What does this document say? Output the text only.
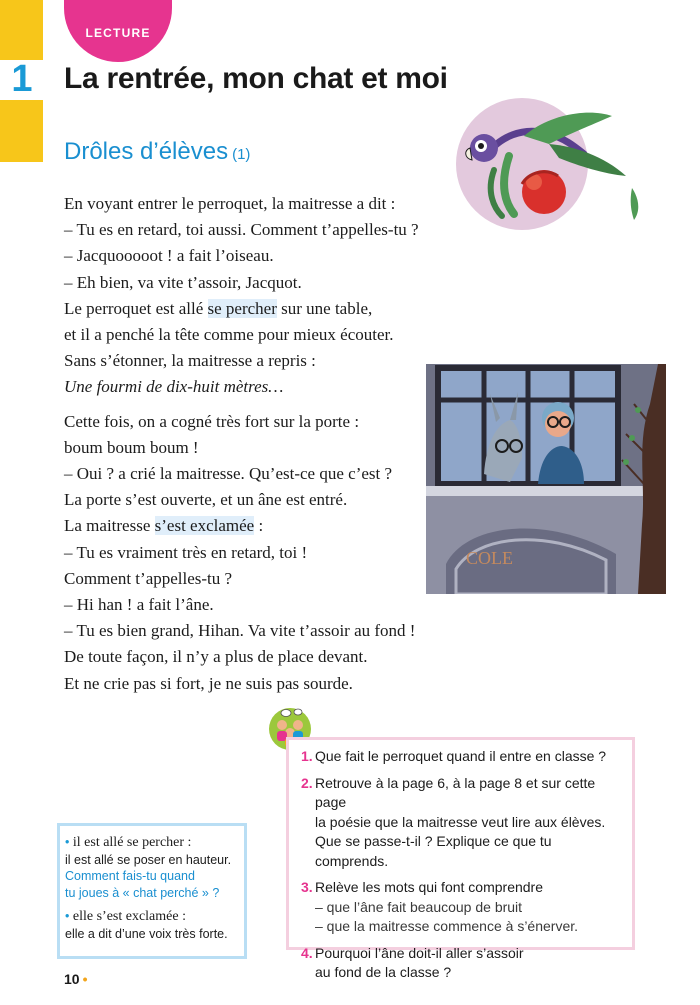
LECTURE
1 La rentrée, mon chat et moi
Drôles d’élèves (1)
En voyant entrer le perroquet, la maitresse a dit :
– Tu es en retard, toi aussi. Comment t’appelles-tu ?
– Jacquooooot ! a fait l’oiseau.
– Eh bien, va vite t’assoir, Jacquot.
Le perroquet est allé se percher sur une table,
et il a penché la tête comme pour mieux écouter.
Sans s’étonner, la maitresse a repris :
Une fourmi de dix-huit mètres…
Cette fois, on a cogné très fort sur la porte :
boum boum boum !
– Oui ? a crié la maitresse. Qu’est-ce que c’est ?
La porte s’est ouverte, et un âne est entré.
La maitresse s’est exclamée :
– Tu es vraiment très en retard, toi !
Comment t’appelles-tu ?
– Hi han ! a fait l’âne.
– Tu es bien grand, Hihan. Va vite t’assoir au fond !
De toute façon, il n’y a plus de place devant.
Et ne crie pas si fort, je ne suis pas sourde.
COLE
1. Que fait le perroquet quand il entre en classe ?
2. Retrouve à la page 6, à la page 8 et sur cette page
la poésie que la maitresse veut lire aux élèves.
Que se passe-t-il ? Explique ce que tu comprends.
3. Relève les mots qui font comprendre
– que l’âne fait beaucoup de bruit
– que la maitresse commence à s’énerver.
4. Pourquoi l’âne doit-il aller s’assoir
au fond de la classe ?
• il est allé se percher :
il est allé se poser en hauteur.
Comment fais-tu quand
tu joues à « chat perché » ?
• elle s’est exclamée :
elle a dit d’une voix très forte.
10 •
